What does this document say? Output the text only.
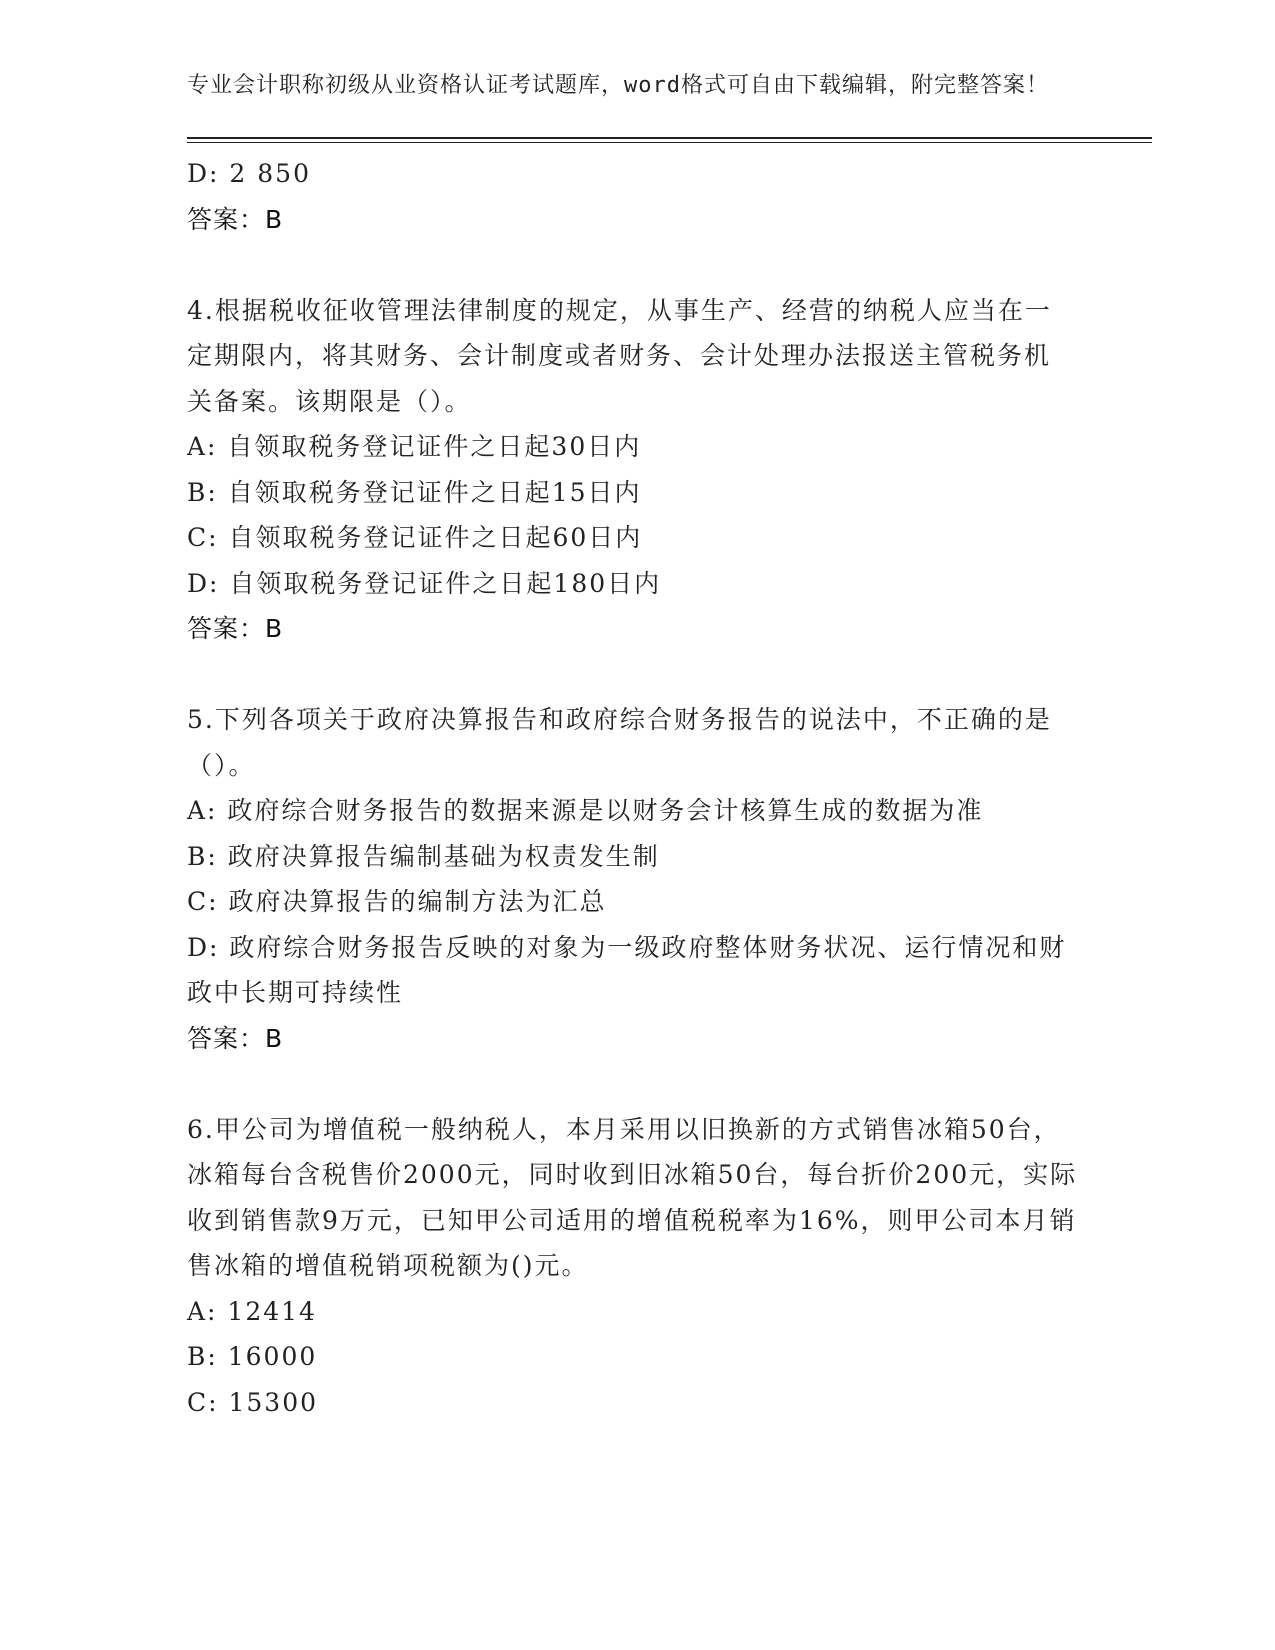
专业会计职称初级从业资格认证考试题库，word格式可自由下载编辑，附完整答案！
D: 2 850
答案：B
4.根据税收征收管理法律制度的规定，从事生产、经营的纳税人应当在一定期限内，将其财务、会计制度或者财务、会计处理办法报送主管税务机关备案。该期限是（）。
A: 自领取税务登记证件之日起30日内
B: 自领取税务登记证件之日起15日内
C: 自领取税务登记证件之日起60日内
D: 自领取税务登记证件之日起180日内
答案：B
5.下列各项关于政府决算报告和政府综合财务报告的说法中，不正确的是（）。
A: 政府综合财务报告的数据来源是以财务会计核算生成的数据为准
B: 政府决算报告编制基础为权责发生制
C: 政府决算报告的编制方法为汇总
D: 政府综合财务报告反映的对象为一级政府整体财务状况、运行情况和财政中长期可持续性
答案：B
6.甲公司为增值税一般纳税人，本月采用以旧换新的方式销售冰箱50台，冰箱每台含税售价2000元，同时收到旧冰箱50台，每台折价200元，实际收到销售款9万元，已知甲公司适用的增值税税率为16%，则甲公司本月销售冰箱的增值税销项税额为()元。
A: 12414
B: 16000
C: 15300
